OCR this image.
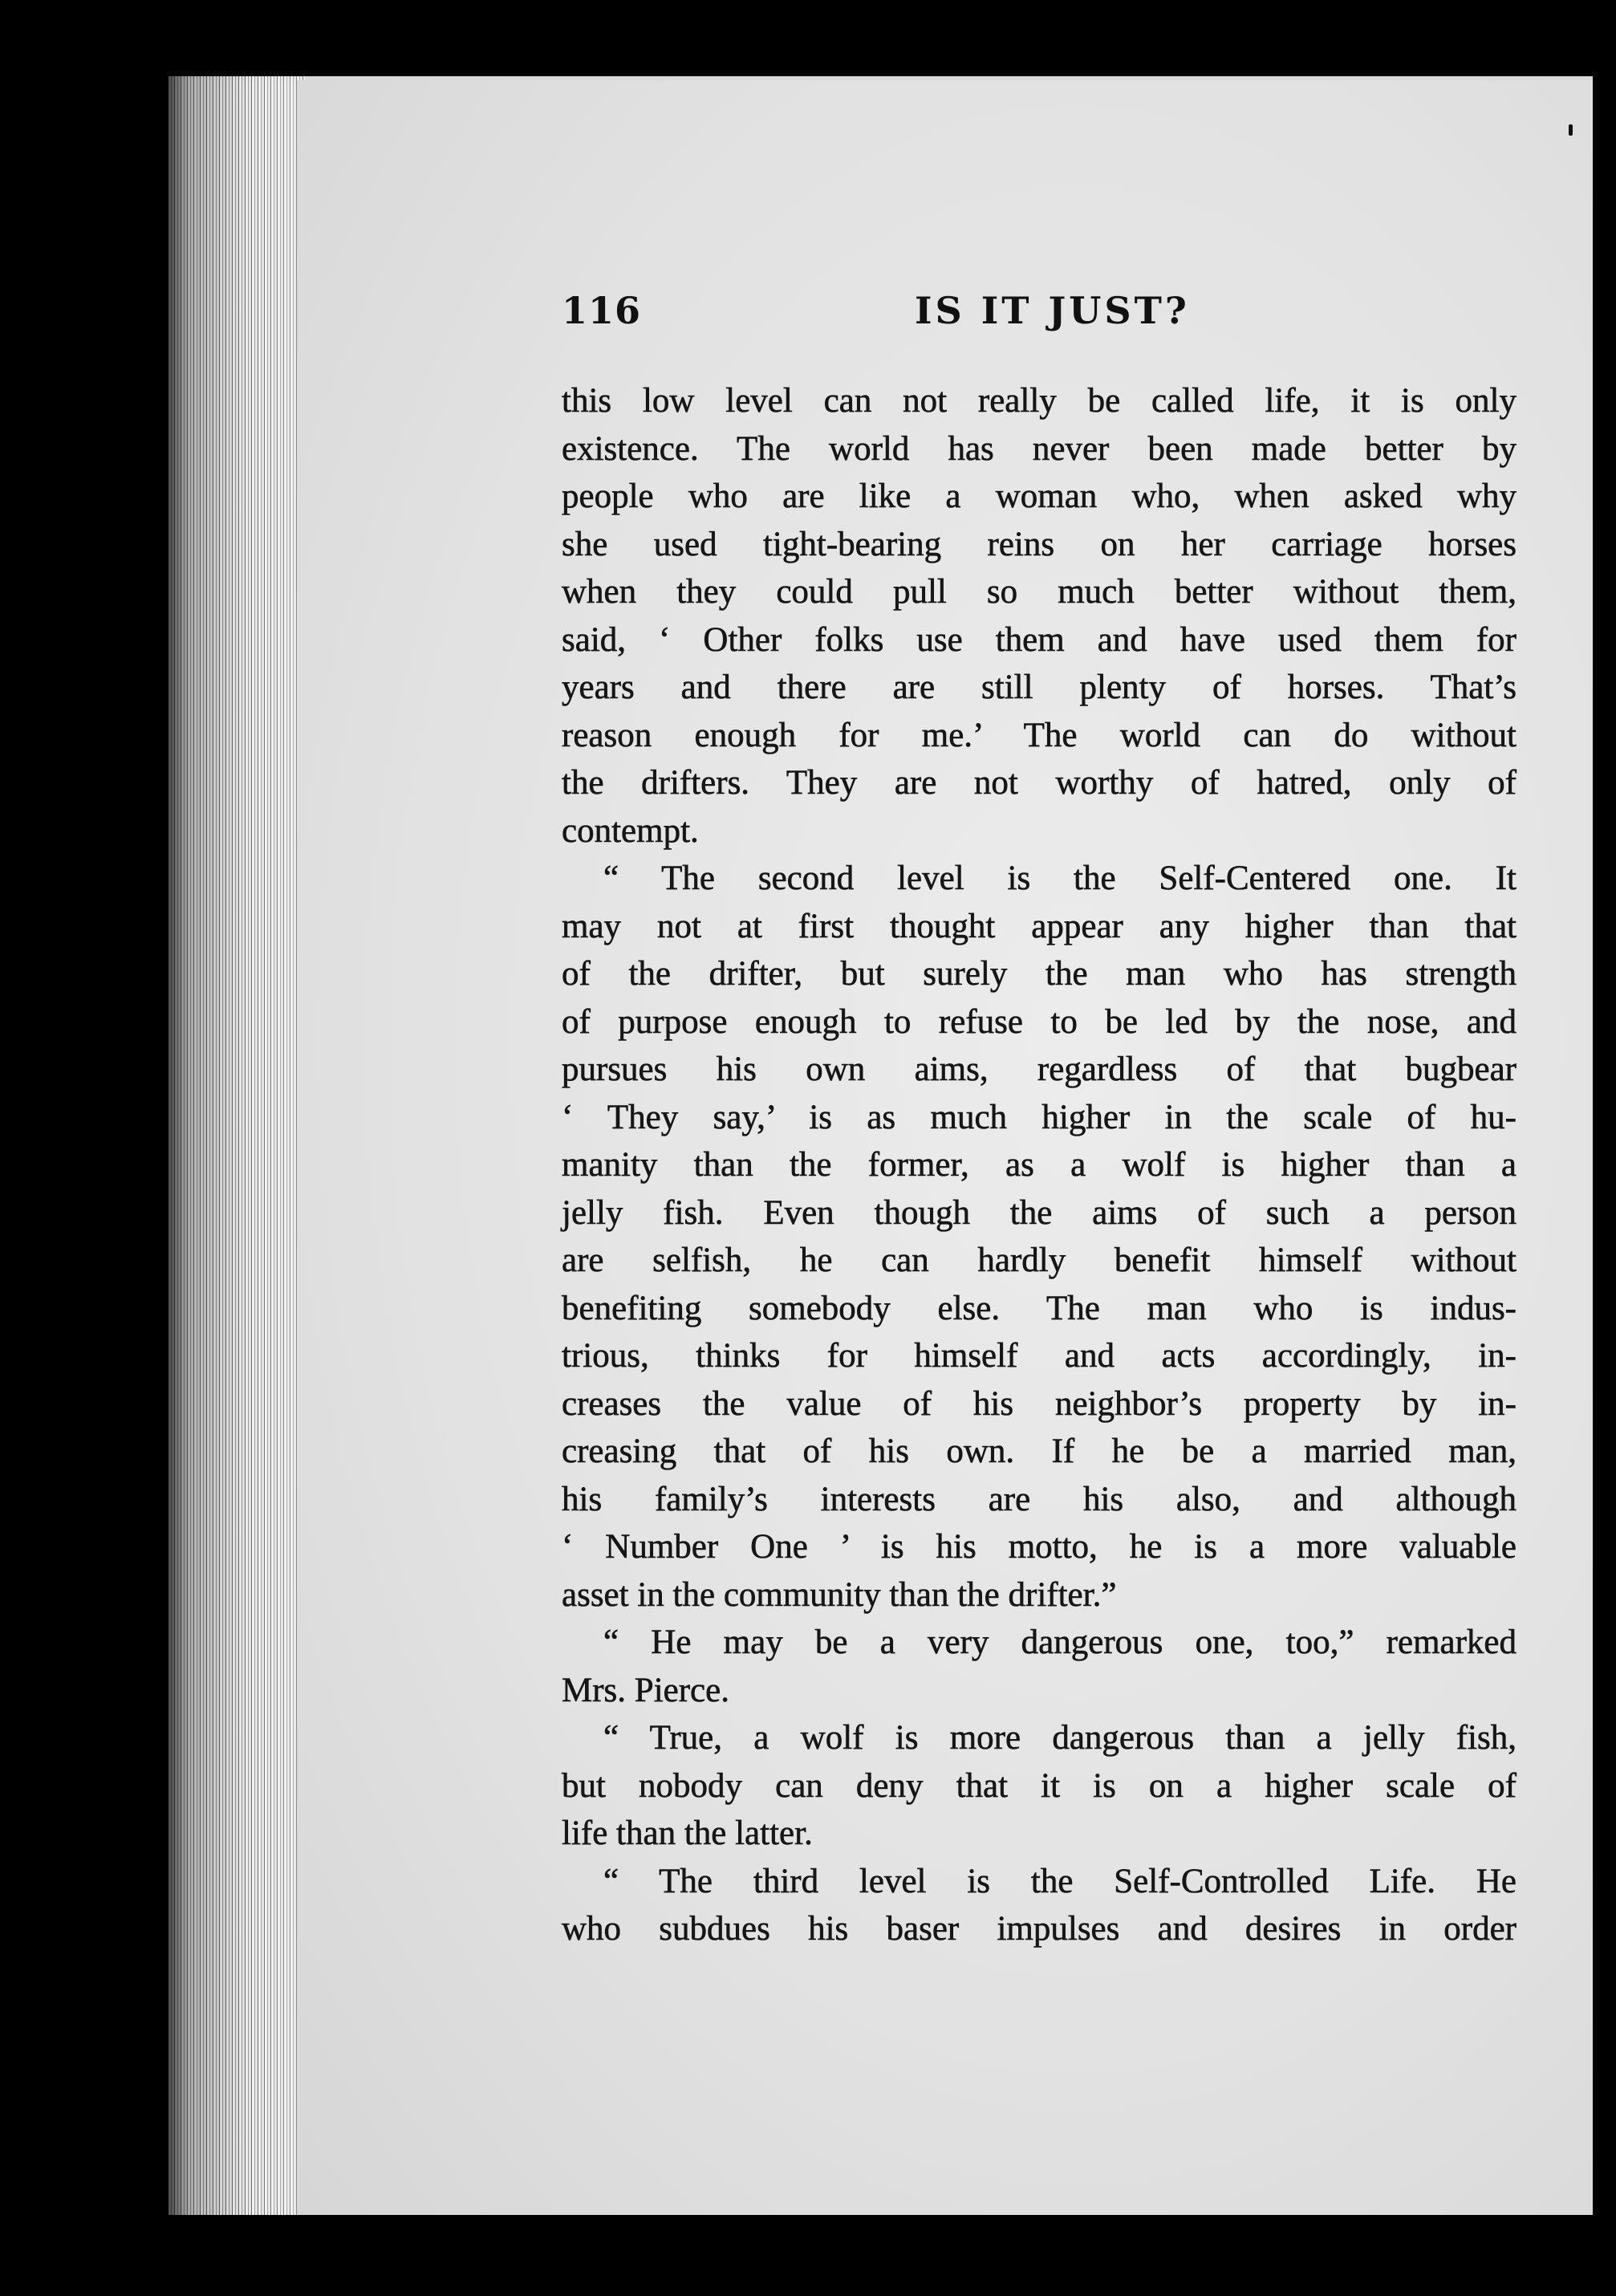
116	IS IT JUST?
this low level can not really be called life, it is only
existence. The world has never been made better by
people who are like a woman who, when asked why
she used tight-bearing reins on her carriage horses
when they could pull so much better without them,
said, ‘ Other folks use them and have used them for
years and there are still plenty of horses. That’s
reason enough for me.’ The world can do without
the drifters. They are not worthy of hatred, only of
contempt.
“ The second level is the Self-Centered one. It
may not at first thought appear any higher than that
of the drifter, but surely the man who has strength
of purpose enough to refuse to be led by the nose, and
pursues his own aims, regardless of that bugbear
‘ They say,’ is as much higher in the scale of hu-
manity than the former, as a wolf is higher than a
jelly fish. Even though the aims of such a person
are selfish, he can hardly benefit himself without
benefiting somebody else. The man who is indus-
trious, thinks for himself and acts accordingly, in-
creases the value of his neighbor’s property by in-
creasing that of his own. If he be a married man,
his family’s interests are his also, and although
‘ Number One ’ is his motto, he is a more valuable
asset in the community than the drifter.”
“ He may be a very dangerous one, too,” remarked
Mrs. Pierce.
“ True, a wolf is more dangerous than a jelly fish,
but nobody can deny that it is on a higher scale of
life than the latter.
“ The third level is the Self-Controlled Life. He
who subdues his baser impulses and desires in order
